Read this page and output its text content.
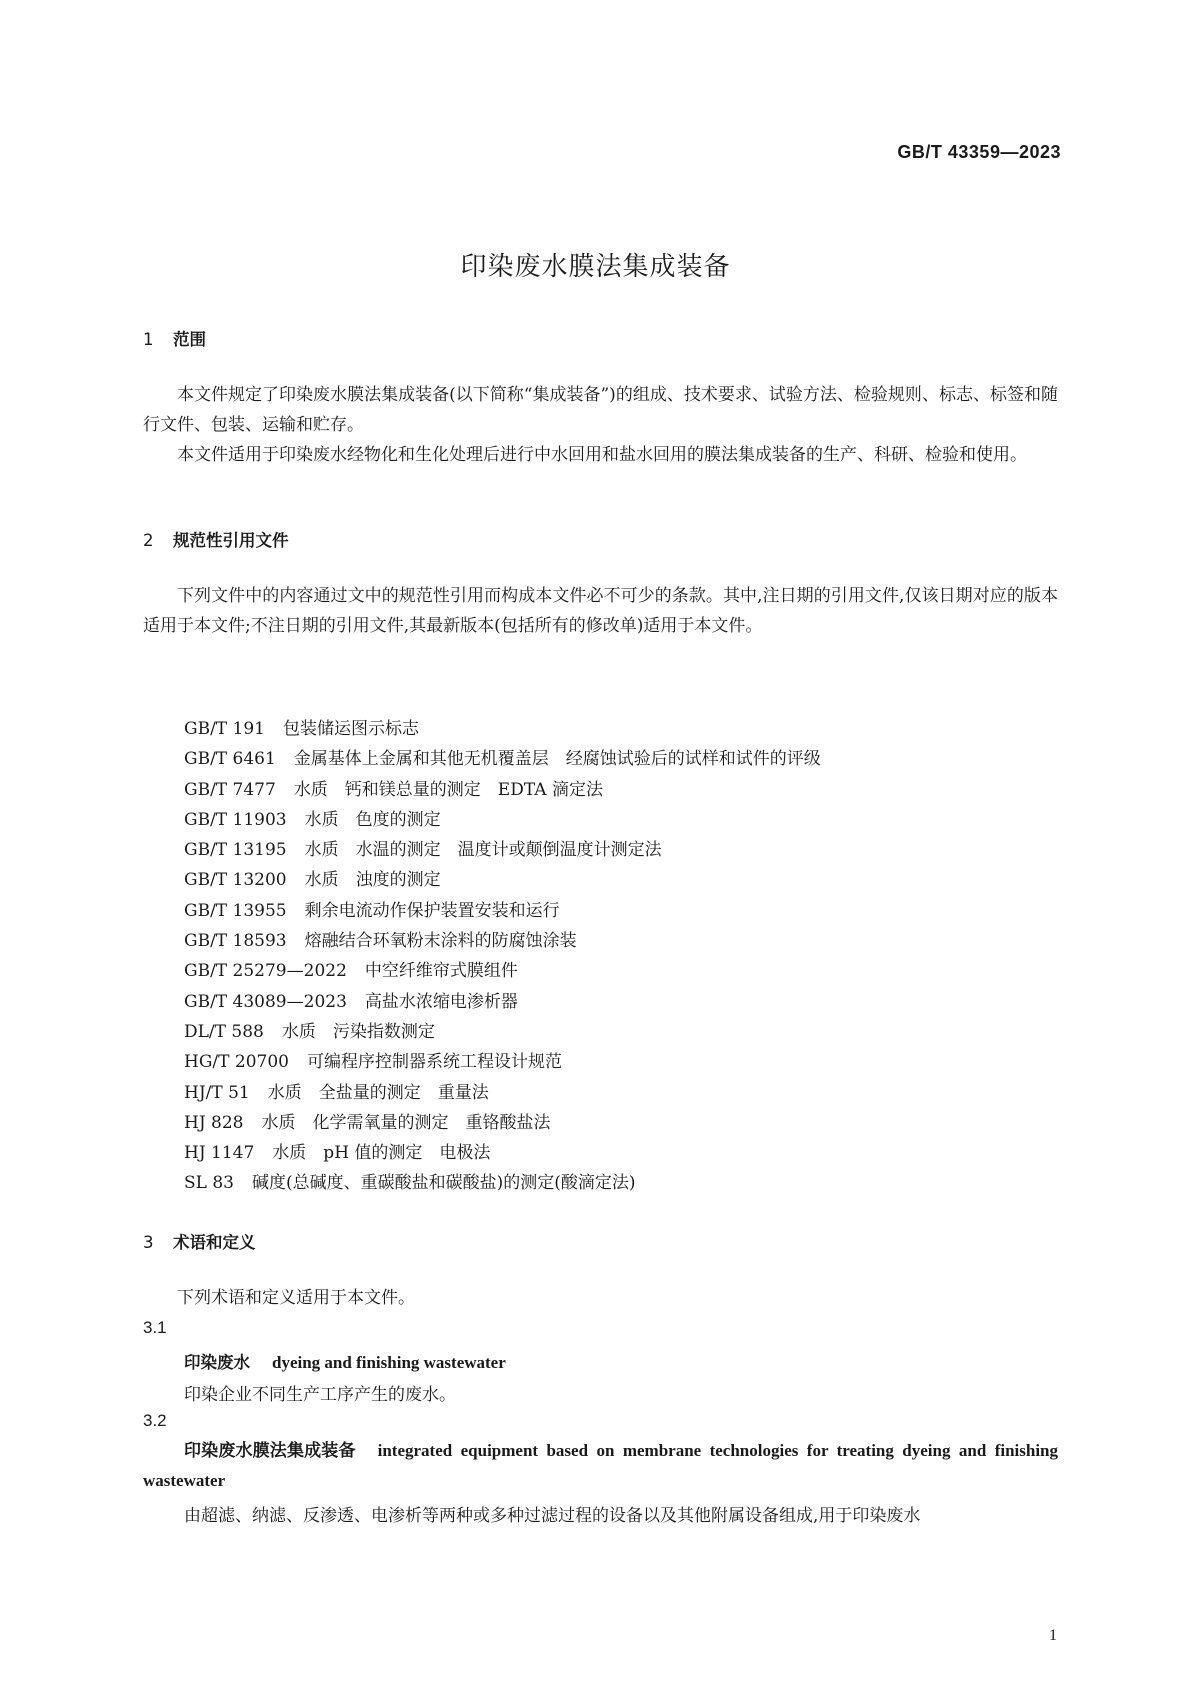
GB/T 43359—2023
印染废水膜法集成装备
1 范围

本文件规定了印染废水膜法集成装备(以下简称“集成装备”)的组成、技术要求、试验方法、检验规则、标志、标签和随行文件、包装、运输和贮存。

本文件适用于印染废水经物化和生化处理后进行中水回用和盐水回用的膜法集成装备的生产、科研、检验和使用。

2 规范性引用文件

下列文件中的内容通过文中的规范性引用而构成本文件必不可少的条款。其中,注日期的引用文件,仅该日期对应的版本适用于本文件;不注日期的引用文件,其最新版本(包括所有的修改单)适用于本文件。

GB/T 191 包装储运图示标志
GB/T 6461 金属基体上金属和其他无机覆盖层　经腐蚀试验后的试样和试件的评级
GB/T 7477 水质　钙和镁总量的测定　EDTA 滴定法
GB/T 11903 水质　色度的测定
GB/T 13195 水质　水温的测定　温度计或颠倒温度计测定法
GB/T 13200 水质　浊度的测定
GB/T 13955 剩余电流动作保护装置安装和运行
GB/T 18593 熔融结合环氧粉末涂料的防腐蚀涂装
GB/T 25279—2022 中空纤维帘式膜组件
GB/T 43089—2023 高盐水浓缩电渗析器
DL/T 588 水质　污染指数测定
HG/T 20700 可编程序控制器系统工程设计规范
HJ/T 51 水质　全盐量的测定　重量法
HJ 828 水质　化学需氧量的测定　重铬酸盐法
HJ 1147 水质　pH 值的测定　电极法
SL 83 碱度(总碱度、重碳酸盐和碳酸盐)的测定(酸滴定法)
3 术语和定义

下列术语和定义适用于本文件。

3.1
印染废水 dyeing and finishing wastewater
印染企业不同生产工序产生的废水。
3.2
印染废水膜法集成装备 integrated equipment based on membrane technologies for treating dyeing and finishing wastewater
由超滤、纳滤、反渗透、电渗析等两种或多种过滤过程的设备以及其他附属设备组成,用于印染废水
1
